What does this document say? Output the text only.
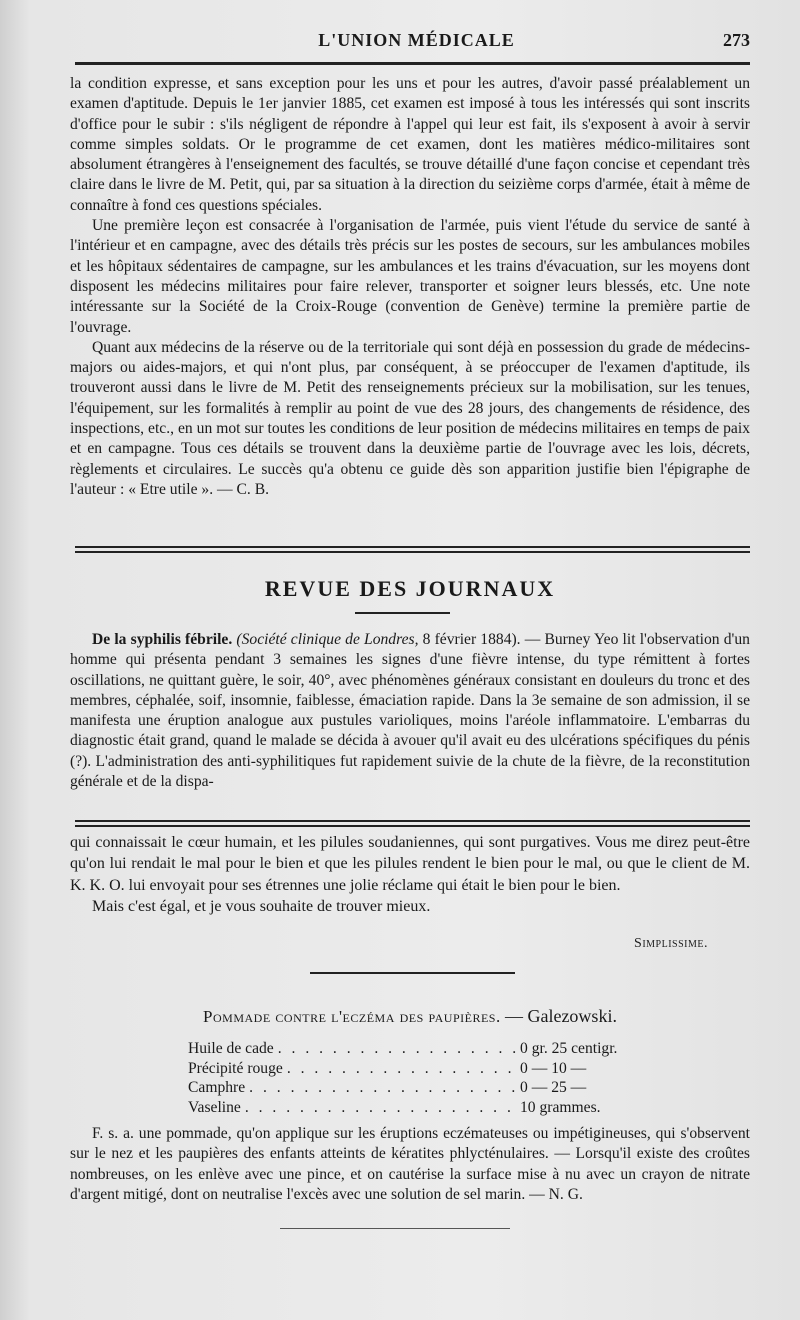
L'UNION MÉDICALE	273

la condition expresse, et sans exception pour les uns et pour les autres, d'avoir passé préalablement un examen d'aptitude. Depuis le 1er janvier 1885, cet examen est imposé à tous les intéressés qui sont inscrits d'office pour le subir : s'ils négligent de répondre à l'appel qui leur est fait, ils s'exposent à avoir à servir comme simples soldats. Or le programme de cet examen, dont les matières médico-militaires sont absolument étrangères à l'enseignement des facultés, se trouve détaillé d'une façon concise et cependant très claire dans le livre de M. Petit, qui, par sa situation à la direction du seizième corps d'armée, était à même de connaître à fond ces questions spéciales.

Une première leçon est consacrée à l'organisation de l'armée, puis vient l'étude du service de santé à l'intérieur et en campagne, avec des détails très précis sur les postes de secours, sur les ambulances mobiles et les hôpitaux sédentaires de campagne, sur les ambulances et les trains d'évacuation, sur les moyens dont disposent les médecins militaires pour faire relever, transporter et soigner leurs blessés, etc. Une note intéressante sur la Société de la Croix-Rouge (convention de Genève) termine la première partie de l'ouvrage.

Quant aux médecins de la réserve ou de la territoriale qui sont déjà en possession du grade de médecins-majors ou aides-majors, et qui n'ont plus, par conséquent, à se préoccuper de l'examen d'aptitude, ils trouveront aussi dans le livre de M. Petit des renseignements précieux sur la mobilisation, sur les tenues, l'équipement, sur les formalités à remplir au point de vue des 28 jours, des changements de résidence, des inspections, etc., en un mot sur toutes les conditions de leur position de médecins militaires en temps de paix et en campagne. Tous ces détails se trouvent dans la deuxième partie de l'ouvrage avec les lois, décrets, règlements et circulaires. Le succès qu'a obtenu ce guide dès son apparition justifie bien l'épigraphe de l'auteur : « Etre utile ». — C. B.

REVUE DES JOURNAUX

De la syphilis fébrile. (Société clinique de Londres, 8 février 1884). — Burney Yeo lit l'observation d'un homme qui présenta pendant 3 semaines les signes d'une fièvre intense, du type rémittent à fortes oscillations, ne quittant guère, le soir, 40°, avec phénomènes généraux consistant en douleurs du tronc et des membres, céphalée, soif, insomnie, faiblesse, émaciation rapide. Dans la 3e semaine de son admission, il se manifesta une éruption analogue aux pustules varioliques, moins l'aréole inflammatoire. L'embarras du diagnostic était grand, quand le malade se décida à avouer qu'il avait eu des ulcérations spécifiques du pénis (?). L'administration des anti-syphilitiques fut rapidement suivie de la chute de la fièvre, de la reconstitution générale et de la dispa-

qui connaissait le cœur humain, et les pilules soudaniennes, qui sont purgatives. Vous me direz peut-être qu'on lui rendait le mal pour le bien et que les pilules rendent le bien pour le mal, ou que le client de M. K. K. O. lui envoyait pour ses étrennes une jolie réclame qui était le bien pour le bien.

Mais c'est égal, et je vous souhaite de trouver mieux.

Simplissime.
Pommade contre l'eczéma des paupières. — Galezowski.
Huile de cade . . .	0 gr. 25 centigr.
Précipité rouge . . .	0 — 10 —
Camphre . . .	0 — 25 —
Vaseline . . .	10 grammes.

F. s. a. une pommade, qu'on applique sur les éruptions eczémateuses ou impétigineuses, qui s'observent sur le nez et les paupières des enfants atteints de kératites phlycténulaires. — Lorsqu'il existe des croûtes nombreuses, on les enlève avec une pince, et on cautérise la surface mise à nu avec un crayon de nitrate d'argent mitigé, dont on neutralise l'excès avec une solution de sel marin. — N. G.
